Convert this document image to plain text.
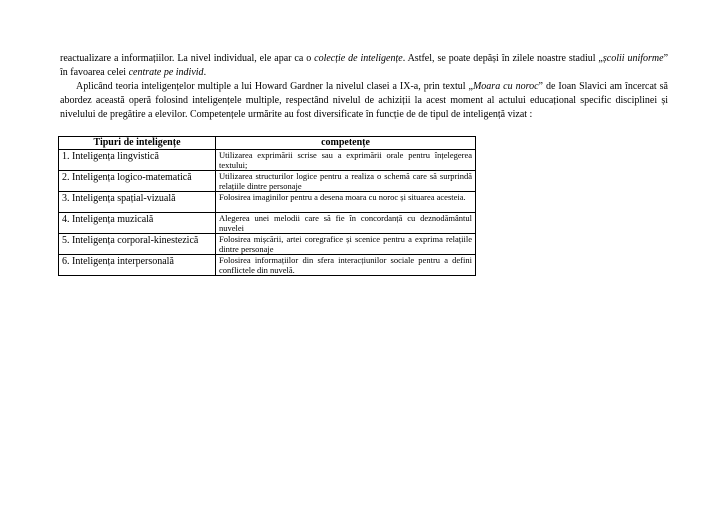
reactualizare a informațiilor. La nivel individual, ele apar ca o colecție de inteligențe. Astfel, se poate depăși în zilele noastre stadiul „școlii uniforme” în favoarea celei centrate pe individ.

Aplicând teoria inteligențelor multiple a lui Howard Gardner la nivelul clasei a IX-a, prin textul „Moara cu noroc” de Ioan Slavici am încercat să abordez această operă folosind inteligențele multiple, respectând nivelul de achiziții la acest moment al actului educațional specific disciplinei și nivelului de pregătire a elevilor. Competențele urmărite au fost diversificate în funcție de de tipul de inteligență vizat :

Tipuri de inteligențe	competențe
1. Inteligența lingvistică	Utilizarea exprimării scrise sau a exprimării orale pentru înțelegerea textului;
2. Inteligența logico-matematică	Utilizarea structurilor logice pentru a realiza o schemă care să surprindă relațiile dintre personaje
3. Inteligența spațial-vizuală	Folosirea imaginilor pentru a desena moara cu noroc și situarea acesteia.
4. Inteligența muzicală	Alegerea unei melodii care să fie în concordanță cu deznodământul nuvelei
5. Inteligența corporal-kinestezică	Folosirea mișcării, artei coregrafice și scenice pentru a exprima relațiile dintre personaje
6. Inteligența interpersonală	Folosirea informațiilor din sfera interacțiunilor sociale pentru a defini conflictele din nuvelă.
